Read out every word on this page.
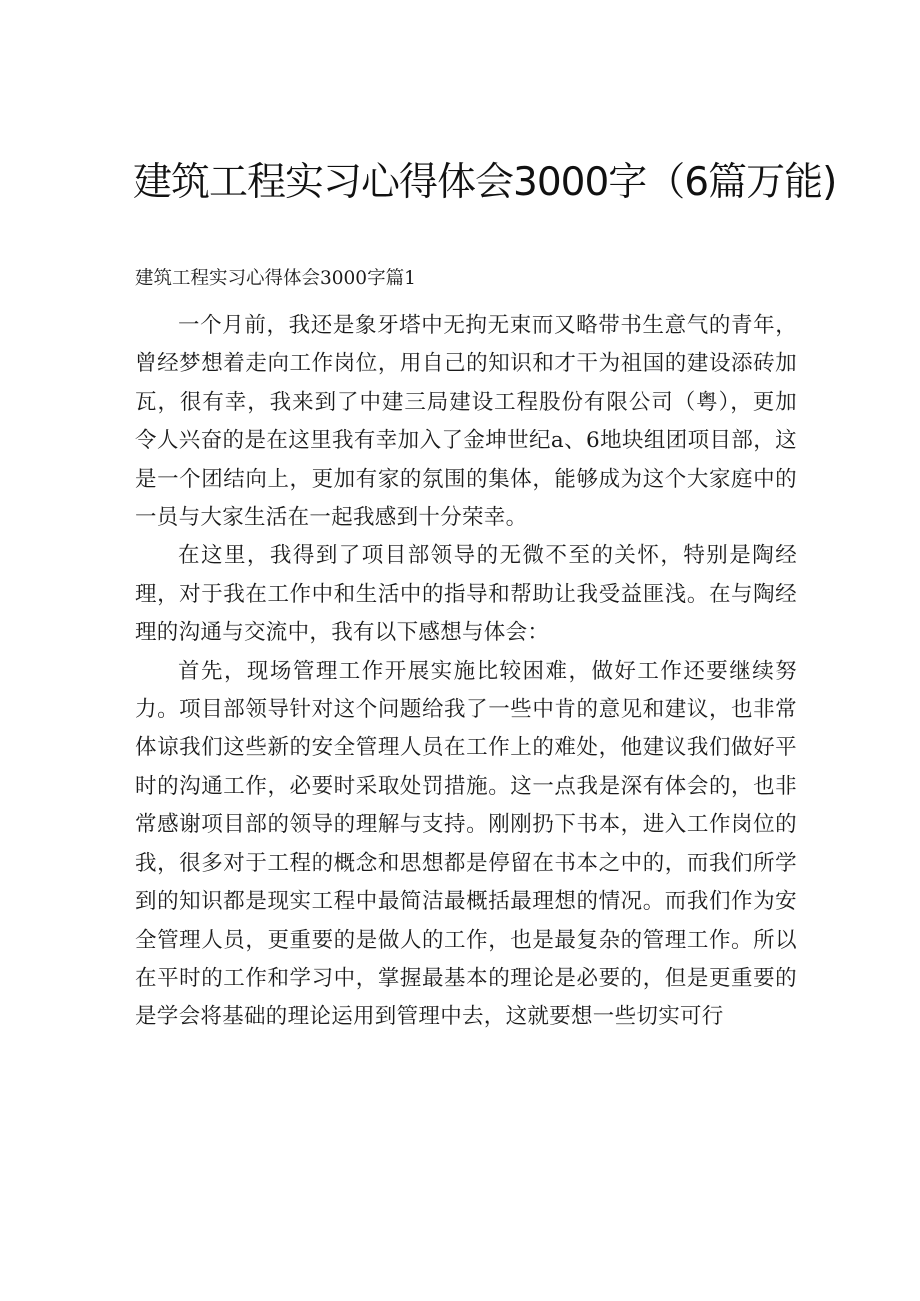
建筑工程实习心得体会3000字（6篇万能)
建筑工程实习心得体会3000字篇1

一个月前，我还是象牙塔中无拘无束而又略带书生意气的青年，曾经梦想着走向工作岗位，用自己的知识和才干为祖国的建设添砖加瓦，很有幸，我来到了中建三局建设工程股份有限公司（粤），更加令人兴奋的是在这里我有幸加入了金坤世纪a、6地块组团项目部，这是一个团结向上，更加有家的氛围的集体，能够成为这个大家庭中的一员与大家生活在一起我感到十分荣幸。

在这里，我得到了项目部领导的无微不至的关怀，特别是陶经理，对于我在工作中和生活中的指导和帮助让我受益匪浅。在与陶经理的沟通与交流中，我有以下感想与体会：

首先，现场管理工作开展实施比较困难，做好工作还要继续努力。项目部领导针对这个问题给我了一些中肯的意见和建议，也非常体谅我们这些新的安全管理人员在工作上的难处，他建议我们做好平时的沟通工作，必要时采取处罚措施。这一点我是深有体会的，也非常感谢项目部的领导的理解与支持。刚刚扔下书本，进入工作岗位的我，很多对于工程的概念和思想都是停留在书本之中的，而我们所学到的知识都是现实工程中最简洁最概括最理想的情况。而我们作为安全管理人员，更重要的是做人的工作，也是最复杂的管理工作。所以在平时的工作和学习中，掌握最基本的理论是必要的，但是更重要的是学会将基础的理论运用到管理中去，这就要想一些切实可行
